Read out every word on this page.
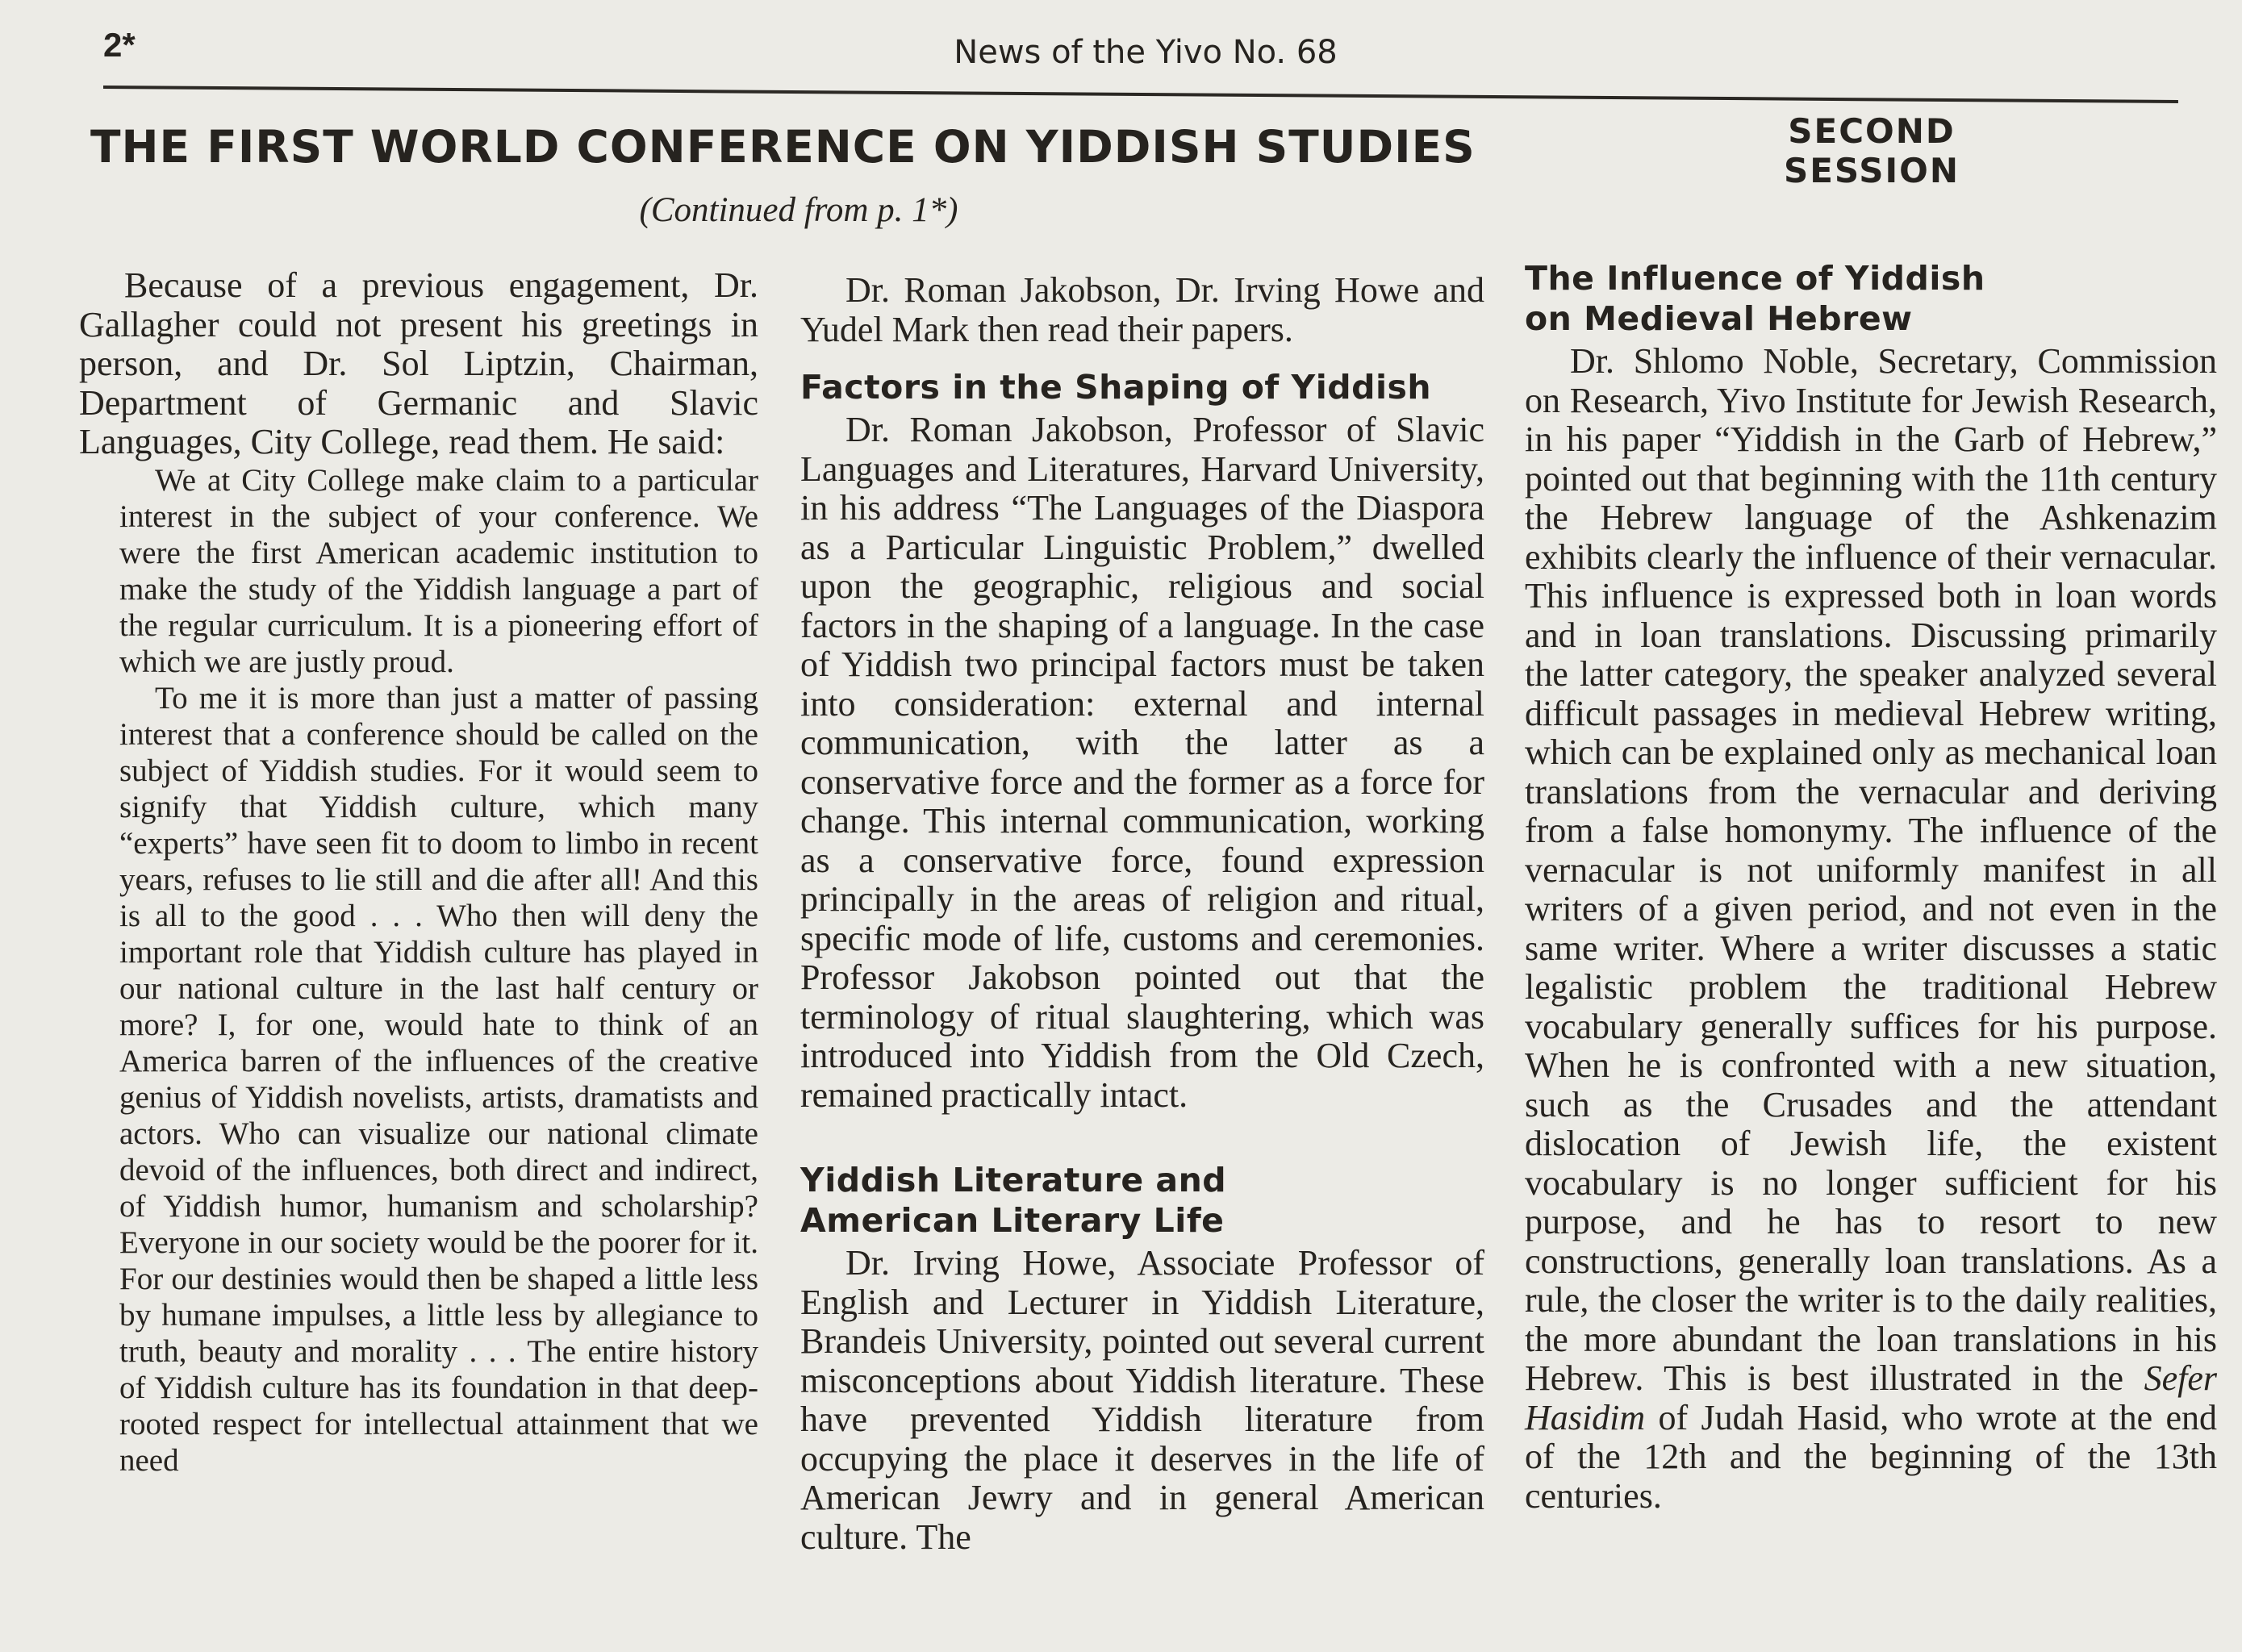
2*	News of the Yivo No. 68
THE FIRST WORLD CONFERENCE ON YIDDISH STUDIES
(Continued from p. 1*)
SECOND SESSION

Because of a previous engagement, Dr. Gallagher could not present his greetings in person, and Dr. Sol Liptzin, Chairman, Department of Germanic and Slavic Languages, City College, read them. He said:

We at City College make claim to a particular interest in the subject of your conference. We were the first American academic institution to make the study of the Yiddish language a part of the regular curriculum. It is a pioneering effort of which we are justly proud.

To me it is more than just a matter of passing interest that a conference should be called on the subject of Yiddish studies. For it would seem to signify that Yiddish culture, which many “experts” have seen fit to doom to limbo in recent years, refuses to lie still and die after all! And this is all to the good . . . Who then will deny the important role that Yiddish culture has played in our national culture in the last half century or more? I, for one, would hate to think of an America barren of the influences of the creative genius of Yiddish novelists, artists, dramatists and actors. Who can visualize our national climate devoid of the influences, both direct and indirect, of Yiddish humor, humanism and scholarship? Everyone in our society would be the poorer for it. For our destinies would then be shaped a little less by humane impulses, a little less by allegiance to truth, beauty and morality . . . The entire history of Yiddish culture has its foundation in that deep-rooted respect for intellectual attainment that we need

Dr. Roman Jakobson, Dr. Irving Howe and Yudel Mark then read their papers.

Factors in the Shaping of Yiddish

Dr. Roman Jakobson, Professor of Slavic Languages and Literatures, Harvard University, in his address “The Languages of the Diaspora as a Particular Linguistic Problem,” dwelled upon the geographic, religious and social factors in the shaping of a language. In the case of Yiddish two principal factors must be taken into consideration: external and internal communication, with the latter as a conservative force and the former as a force for change. This internal communication, working as a conservative force, found expression principally in the areas of religion and ritual, specific mode of life, customs and ceremonies. Professor Jakobson pointed out that the terminology of ritual slaughtering, which was introduced into Yiddish from the Old Czech, remained practically intact.

Yiddish Literature and
American Literary Life

Dr. Irving Howe, Associate Professor of English and Lecturer in Yiddish Literature, Brandeis University, pointed out several current misconceptions about Yiddish literature. These have prevented Yiddish literature from occupying the place it deserves in the life of American Jewry and in general American culture. The

The Influence of Yiddish
on Medieval Hebrew

Dr. Shlomo Noble, Secretary, Commission on Research, Yivo Institute for Jewish Research, in his paper “Yiddish in the Garb of Hebrew,” pointed out that beginning with the 11th century the Hebrew language of the Ashkenazim exhibits clearly the influence of their vernacular. This influence is expressed both in loan words and in loan translations. Discussing primarily the latter category, the speaker analyzed several difficult passages in medieval Hebrew writing, which can be explained only as mechanical loan translations from the vernacular and deriving from a false homonymy. The influence of the vernacular is not uniformly manifest in all writers of a given period, and not even in the same writer. Where a writer discusses a static legalistic problem the traditional Hebrew vocabulary generally suffices for his purpose. When he is confronted with a new situation, such as the Crusades and the attendant dislocation of Jewish life, the existent vocabulary is no longer sufficient for his purpose, and he has to resort to new constructions, generally loan translations. As a rule, the closer the writer is to the daily realities, the more abundant the loan translations in his Hebrew. This is best illustrated in the Sefer Hasidim of Judah Hasid, who wrote at the end of the 12th and the beginning of the 13th centuries.
